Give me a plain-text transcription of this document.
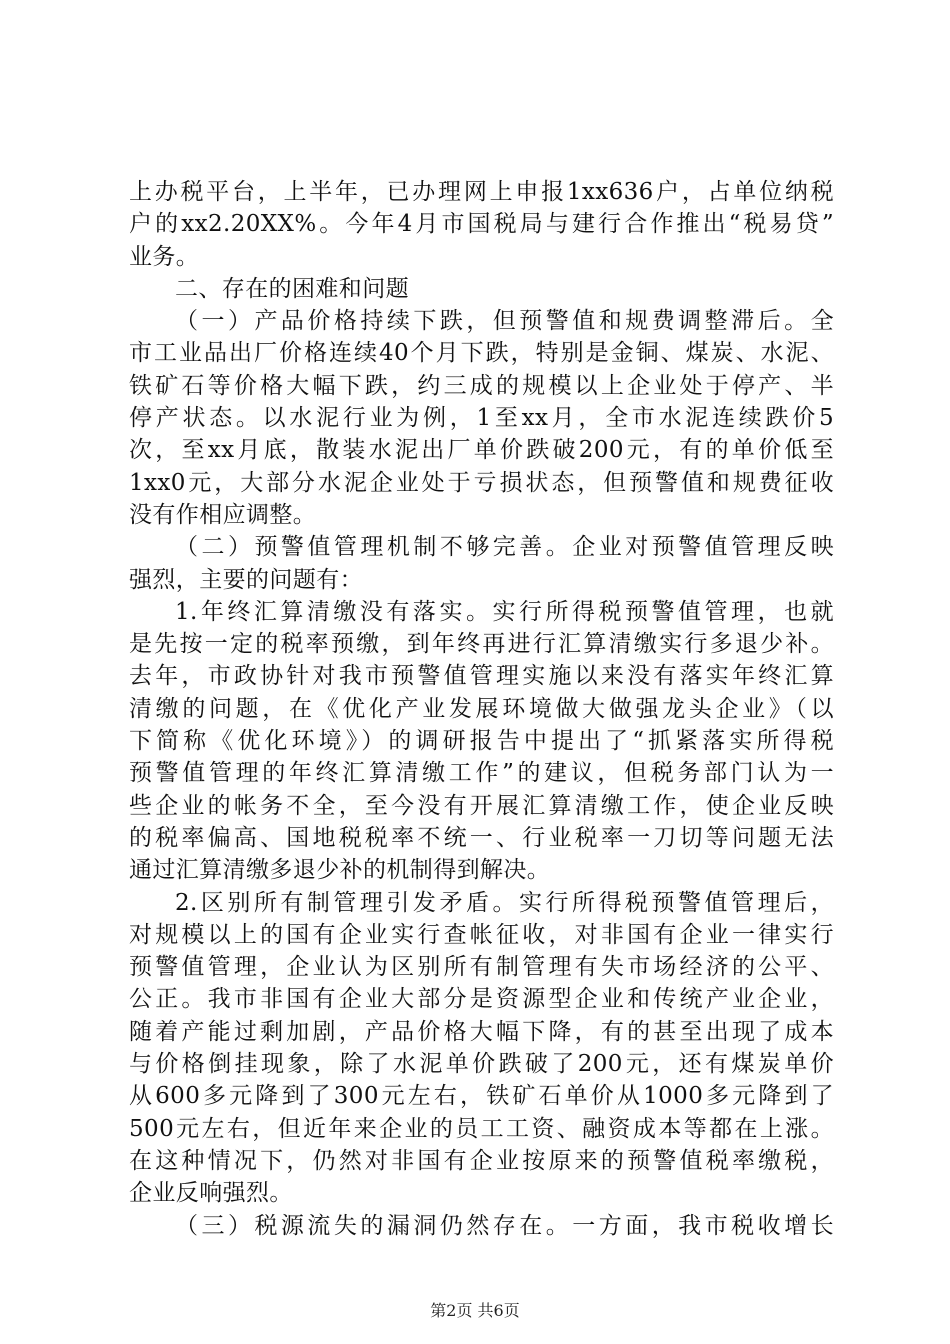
上办税平台，上半年，已办理网上申报1xx636户，占单位纳税
户的xx2.20XX%。今年4月市国税局与建行合作推出“税易贷”
业务。
二、存在的困难和问题
（一）产品价格持续下跌，但预警值和规费调整滞后。全
市工业品出厂价格连续40个月下跌，特别是金铜、煤炭、水泥、
铁矿石等价格大幅下跌，约三成的规模以上企业处于停产、半
停产状态。以水泥行业为例，1至xx月，全市水泥连续跌价5
次，至xx月底，散装水泥出厂单价跌破200元，有的单价低至
1xx0元，大部分水泥企业处于亏损状态，但预警值和规费征收
没有作相应调整。
（二）预警值管理机制不够完善。企业对预警值管理反映
强烈，主要的问题有：
1.年终汇算清缴没有落实。实行所得税预警值管理，也就
是先按一定的税率预缴，到年终再进行汇算清缴实行多退少补。
去年，市政协针对我市预警值管理实施以来没有落实年终汇算
清缴的问题，在《优化产业发展环境做大做强龙头企业》（以
下简称《优化环境》）的调研报告中提出了“抓紧落实所得税
预警值管理的年终汇算清缴工作”的建议，但税务部门认为一
些企业的帐务不全，至今没有开展汇算清缴工作，使企业反映
的税率偏高、国地税税率不统一、行业税率一刀切等问题无法
通过汇算清缴多退少补的机制得到解决。
2.区别所有制管理引发矛盾。实行所得税预警值管理后，
对规模以上的国有企业实行查帐征收，对非国有企业一律实行
预警值管理，企业认为区别所有制管理有失市场经济的公平、
公正。我市非国有企业大部分是资源型企业和传统产业企业，
随着产能过剩加剧，产品价格大幅下降，有的甚至出现了成本
与价格倒挂现象，除了水泥单价跌破了200元，还有煤炭单价
从600多元降到了300元左右，铁矿石单价从1000多元降到了
500元左右，但近年来企业的员工工资、融资成本等都在上涨。
在这种情况下，仍然对非国有企业按原来的预警值税率缴税，
企业反响强烈。
（三）税源流失的漏洞仍然存在。一方面，我市税收增长
第2页 共6页
